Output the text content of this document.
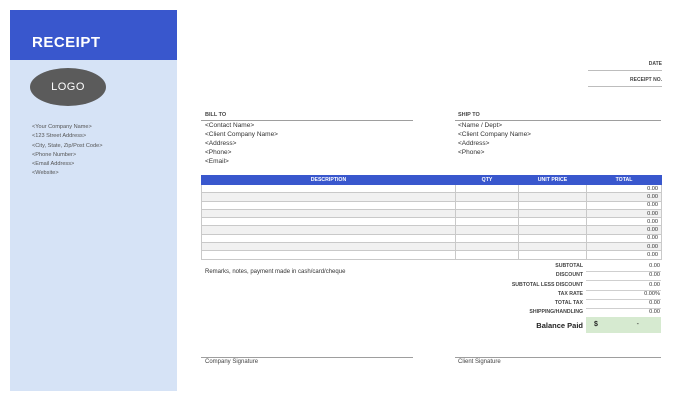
RECEIPT
LOGO
<Your Company Name>
<123 Street Address>
<City, State, Zip/Post Code>
<Phone Number>
<Email Address>
<Website>
DATE
RECEIPT NO.
BILL TO
<Contact Name>
<Client Company Name>
<Address>
<Phone>
<Email>
SHIP TO
<Name / Dept>
<Client Company Name>
<Address>
<Phone>
DESCRIPTION	QTY	UNIT PRICE	TOTAL
			0.00
			0.00
			0.00
			0.00
			0.00
			0.00
			0.00
			0.00
			0.00
Remarks, notes, payment made in cash/card/cheque
SUBTOTAL	0.00
DISCOUNT	0.00
SUBTOTAL LESS DISCOUNT	0.00
TAX RATE	0.00%
TOTAL TAX	0.00
SHIPPING/HANDLING	0.00
Balance Paid $	-
Company Signature	Client Signature
